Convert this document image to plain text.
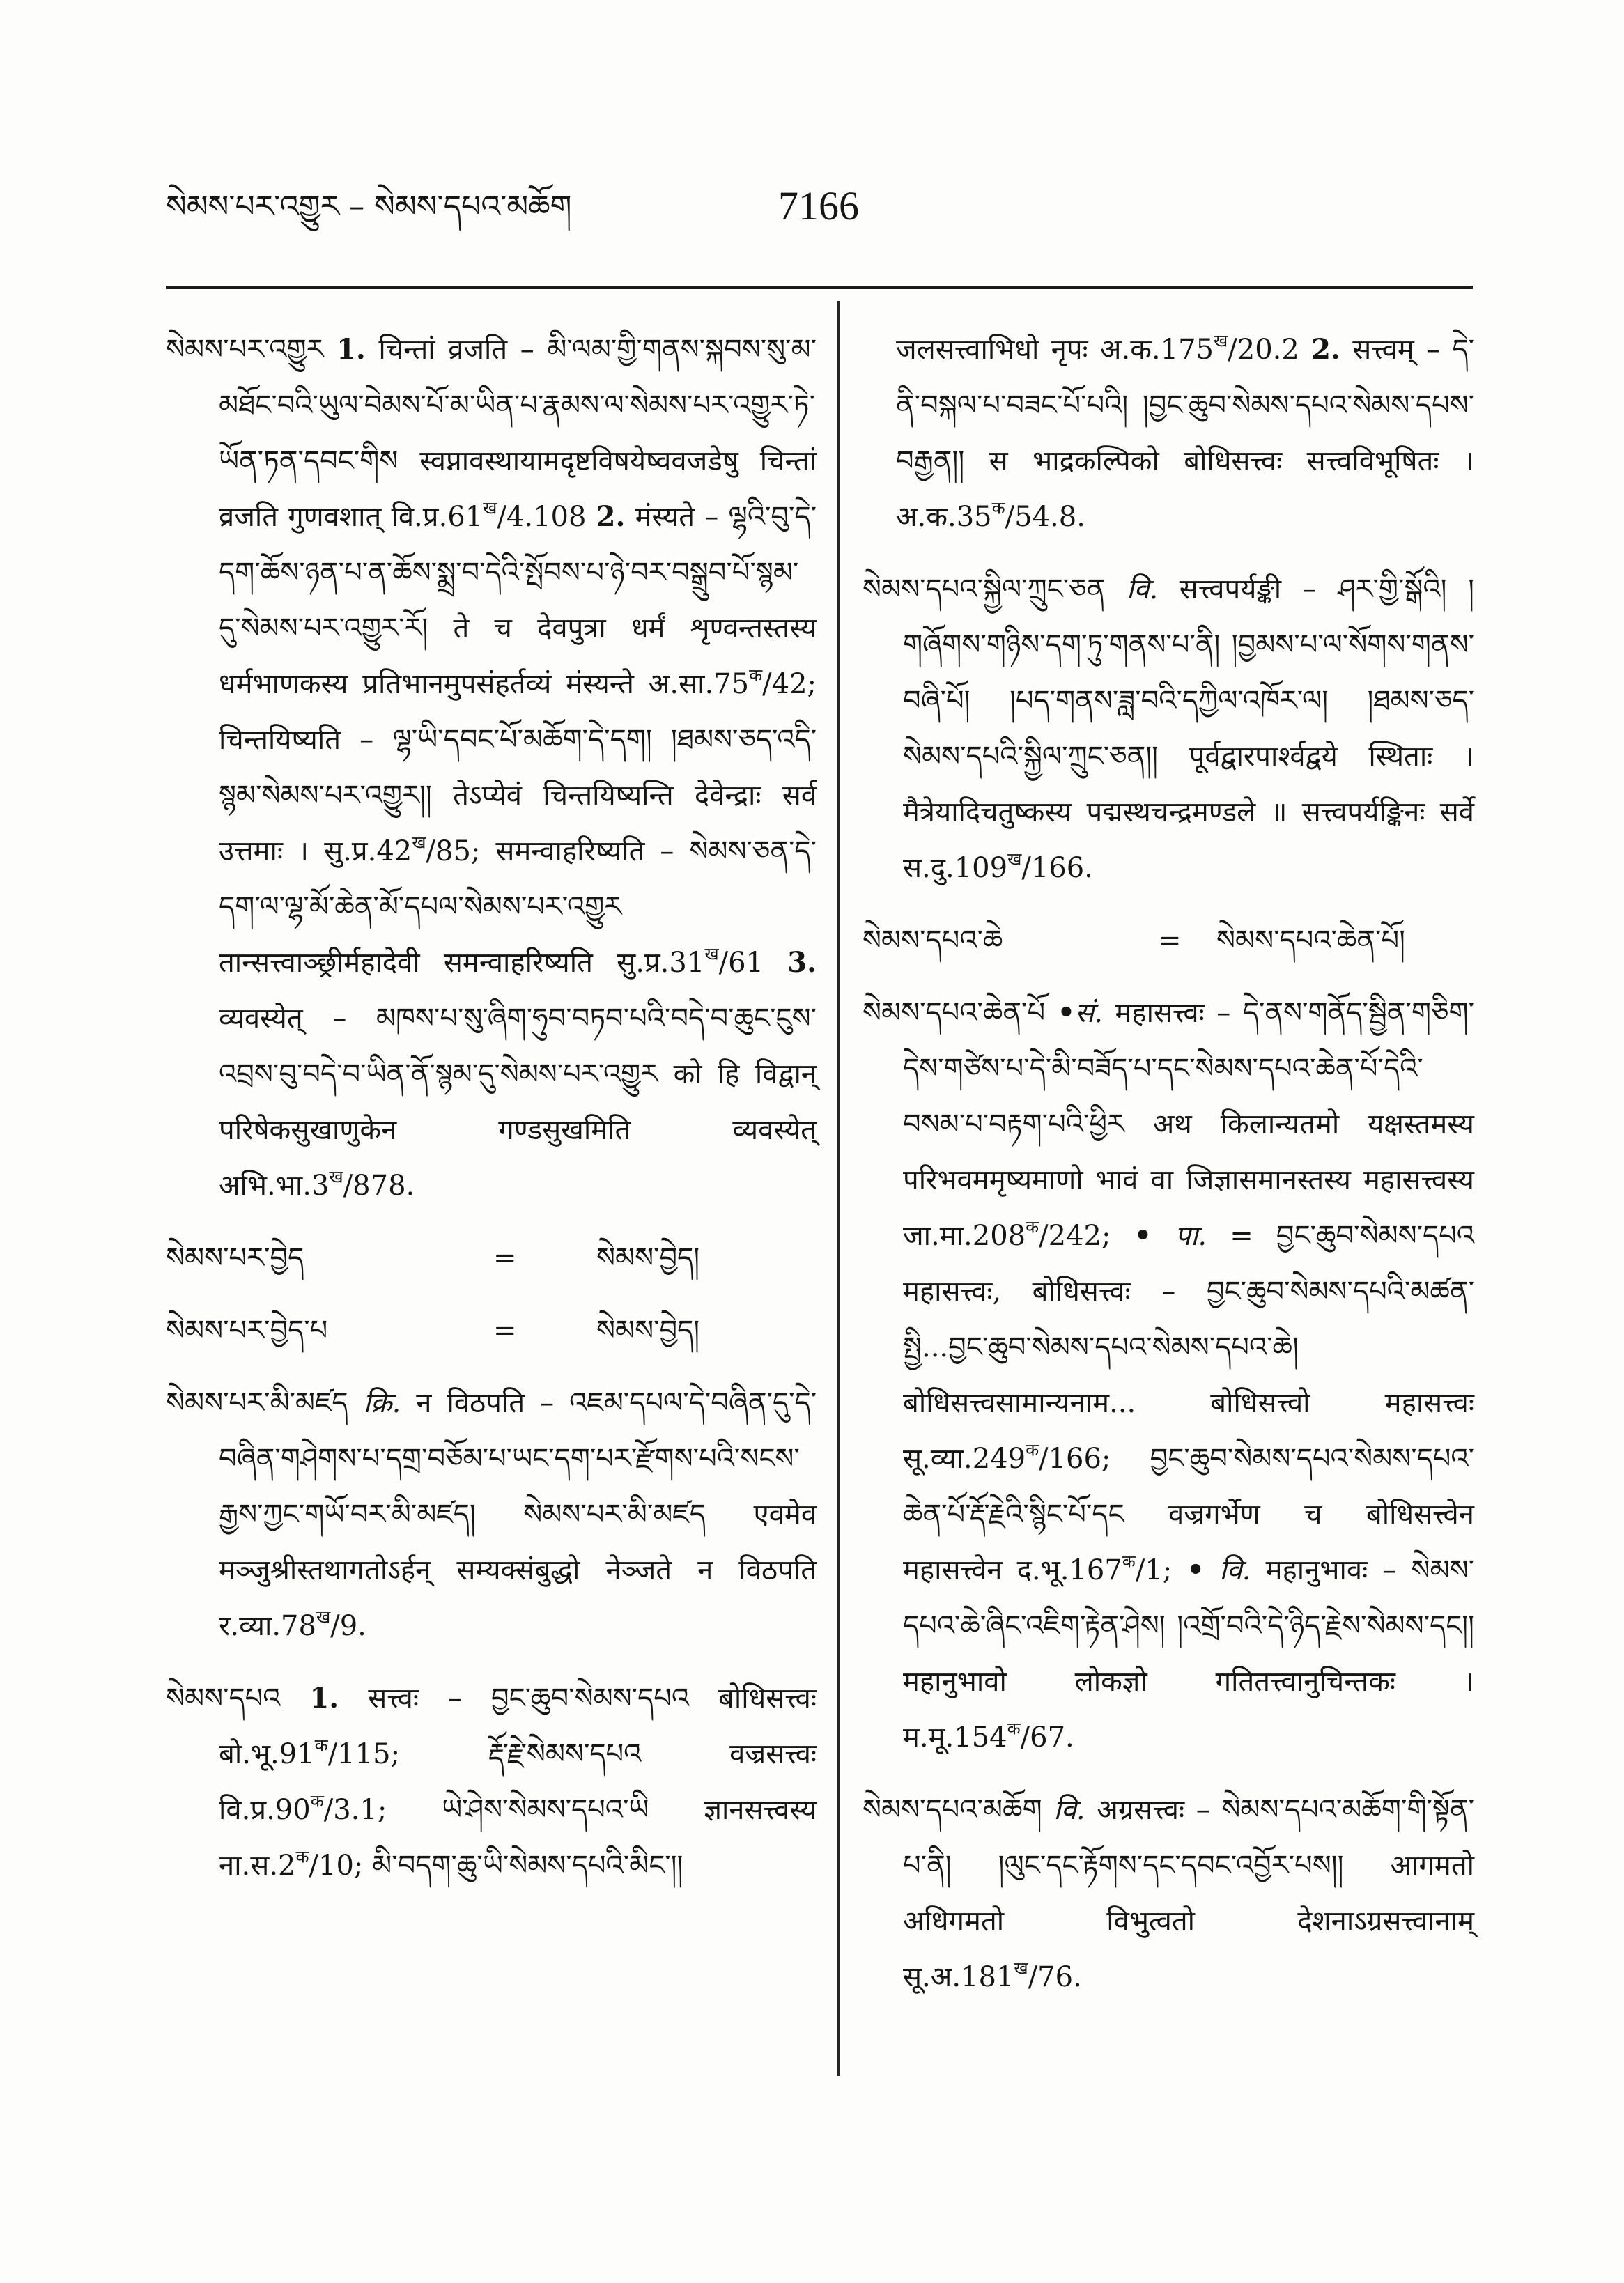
སེམས་པར་འགྱུར – སེམས་དཔའ་མཆོག	7166

སེམས་པར་འགྱུར 1. चिन्तां व्रजति – མི་ལམ་གྱི་གནས་སྐབས་སུ་མ་མཐོང་བའི་ཡུལ་བེམས་པོ་མ་ཡིན་པ་རྣམས་ལ་སེམས་པར་འགྱུར་ཏེ་ཡོན་ཏན་དབང་གིས स्वप्नावस्थायामदृष्टविषयेष्ववजडेषु चिन्तां व्रजति गुणवशात् $वि.प्र.61^ख/4.108$ 2. मंस्यते – ལྷའི་བུ་དེ་དག་ཆོས་ཉན་པ་ན་ཆོས་སྨྲ་བ་དེའི་སྤོབས་པ་ཉེ་བར་བསྒྲུབ་པོ་སྙམ་དུ་སེམས་པར་འགྱུར་རོ། ते च देवपुत्रा धर्मं शृण्वन्तस्तस्य धर्मभाणकस्य प्रतिभानमुपसंहर्तव्यं मंस्यन्ते $अ.सा.75^क/42$; चिन्तयिष्यति – ལྷ་ཡི་དབང་པོ་མཆོག་དེ་དག། །ཐམས་ཅད་འདི་སྙམ་སེམས་པར་འགྱུར།། तेऽप्येवं चिन्तयिष्यन्ति देवेन्द्राः सर्व उत्तमाः । $सु.प्र.42^ख/85$; समन्वाहरिष्यति – སེམས་ཅན་དེ་དག་ལ་ལྷ་མོ་ཆེན་མོ་དཔལ་སེམས་པར་འགྱུར तान्सत्त्वाञ्छ्रीर्महादेवी समन्वाहरिष्यति $सु.प्र.31^ख/61$ 3. व्यवस्येत् – མཁས་པ་སུ་ཞིག་ཧུབ་བཏབ་པའི་བདེ་བ་ཆུང་ངུས་འབྲས་བུ་བདེ་བ་ཡིན་ནོ་སྙམ་དུ་སེམས་པར་འགྱུར को हि विद्वान् परिषेकसुखाणुकेन गण्डसुखमिति व्यवस्येत् $अभि.भा.3^ख/878$.

སེམས་པར་བྱེད	=	སེམས་བྱེད།
སེམས་པར་བྱེད་པ	=	སེམས་བྱེད།

སེམས་པར་མི་མཛད क्रि. न विठपति – འཇམ་དཔལ་དེ་བཞིན་དུ་དེ་བཞིན་གཤེགས་པ་དགྲ་བཅོམ་པ་ཡང་དག་པར་རྫོགས་པའི་སངས་རྒྱས་ཀྱང་གཡོ་བར་མི་མཛད། སེམས་པར་མི་མཛད एवमेव मञ्जुश्रीस्तथागतोऽर्हन् सम्यक्संबुद्धो नेञ्जते न विठपति $र.व्या.78^ख/9$.

སེམས་དཔའ 1. सत्त्वः – བྱང་ཆུབ་སེམས་དཔའ बोधिसत्त्वः $बो.भू.91^क/115$;	རྡོ་རྗེ་སེམས་དཔའ	वज्रसत्त्वः $वि.प्र.90^क/3.1$; ཡེ་ཤེས་སེམས་དཔའ་ཡི ज्ञानसत्त्वस्य $ना.स.2^क/10$; མི་བདག་ཆུ་ཡི་སེམས་དཔའི་མིང་།།

जलसत्त्वाभिधो नृपः $अ.क.175^ख/20.2$ 2. सत्त्वम् – དེ་ནི་བསྐལ་པ་བཟང་པོ་པའི། །བྱང་ཆུབ་སེམས་དཔའ་སེམས་དཔས་བརྒྱན།། स भाद्रकल्पिको बोधिसत्त्वः सत्त्वविभूषितः । $अ.क.35^क/54.8$.

སེམས་དཔའ་སྐྱིལ་ཀྲུང་ཅན वि. सत्त्वपर्यङ्की – ཤར་གྱི་སྒོའི། །གཞོགས་གཉིས་དག་ཏུ་གནས་པ་ནི། །བྱམས་པ་ལ་སོགས་གནས་བཞི་པོ། །པད་གནས་ཟླ་བའི་དཀྱིལ་འཁོར་ལ། །ཐམས་ཅད་སེམས་དཔའི་སྐྱིལ་ཀྲུང་ཅན།། पूर्वद्वारपार्श्वद्वये स्थिताः । मैत्रेयादिचतुष्कस्य पद्मस्थचन्द्रमण्डले ॥ सत्त्वपर्यङ्किनः सर्वे $स.दु.109^ख/166$.

སེམས་དཔའ་ཆེ	=	སེམས་དཔའ་ཆེན་པོ།

སེམས་དཔའ་ཆེན་པོ •सं. महासत्त्वः – དེ་ནས་གནོད་སྦྱིན་གཅིག་དེས་གཙེས་པ་དེ་མི་བཟོད་པ་དང་སེམས་དཔའ་ཆེན་པོ་དེའི་བསམ་པ་བརྟག་པའི་ཕྱིར अथ किलान्यतमो यक्षस्तमस्य परिभवममृष्यमाणो भावं वा जिज्ञासमानस्तस्य महासत्त्वस्य $जा.मा.208^क/242$; • पा. = བྱང་ཆུབ་སེམས་དཔའ महासत्त्वः, बोधिसत्त्वः – བྱང་ཆུབ་སེམས་དཔའི་མཚན་སྤྱི...བྱང་ཆུབ་སེམས་དཔའ་སེམས་དཔའ་ཆེ། बोधिसत्त्वसामान्यनाम... बोधिसत्त्वो महासत्त्वः $सू.व्या.249^क/166$; བྱང་ཆུབ་སེམས་དཔའ་སེམས་དཔའ་ཆེན་པོ་རྡོ་རྗེའི་སྙིང་པོ་དང वज्रगर्भेण च बोधिसत्त्वेन महासत्त्वेन $द.भू.167^क/1$; • वि. महानुभावः – སེམས་དཔའ་ཆེ་ཞིང་འཇིག་རྟེན་ཤེས། །འགྲོ་བའི་དེ་ཉིད་རྗེས་སེམས་དང།། महानुभावो लोकज्ञो गतितत्त्वानुचिन्तकः । $म.मू.154^क/67$.

སེམས་དཔའ་མཆོག वि. अग्रसत्त्वः – སེམས་དཔའ་མཆོག་གི་སྟོན་པ་ནི། །ལུང་དང་རྟོགས་དང་དབང་འབྱོར་པས།། आगमतो अधिगमतो विभुत्वतो देशनाऽग्रसत्त्वानाम् $सू.अ.181^ख/76$.
